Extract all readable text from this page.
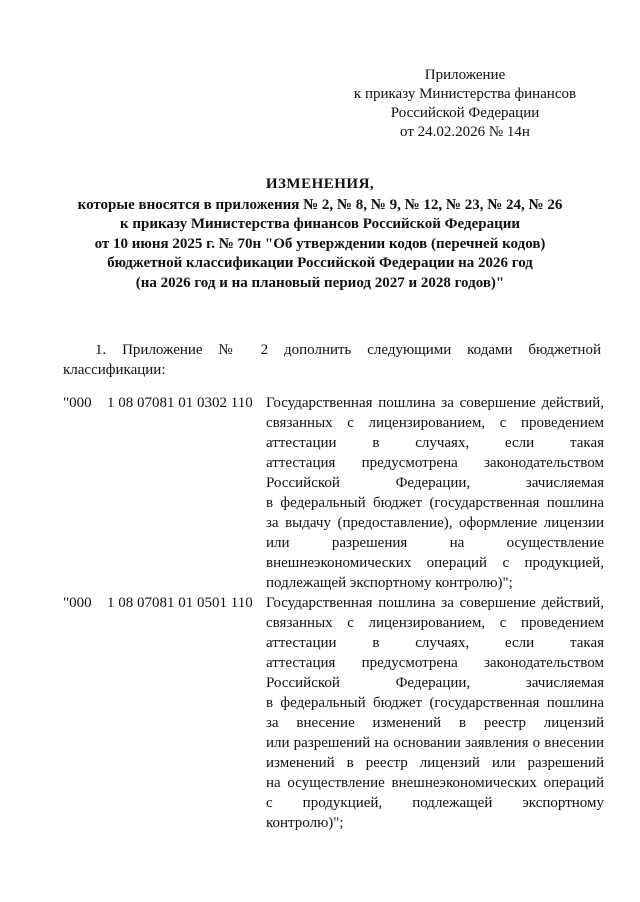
Приложение
к приказу Министерства финансов
Российской Федерации
от 24.02.2026 № 14н
ИЗМЕНЕНИЯ,
которые вносятся в приложения № 2, № 8, № 9, № 12, № 23, № 24, № 26
к приказу Министерства финансов Российской Федерации
от 10 июня 2025 г. № 70н "Об утверждении кодов (перечней кодов)
бюджетной классификации Российской Федерации на 2026 год
(на 2026 год и на плановый период 2027 и 2028 годов)"
1. Приложение № 2 дополнить следующими кодами бюджетной классификации:
"000 1 08 07081 01 0302 110 Государственная пошлина за совершение действий,
связанных с лицензированием, с проведением
аттестации в случаях, если такая
аттестация предусмотрена законодательством
Российской Федерации, зачисляемая
в федеральный бюджет (государственная пошлина
за выдачу (предоставление), оформление лицензии
или разрешения на осуществление
внешнеэкономических операций с продукцией,
подлежащей экспортному контролю)";
"000 1 08 07081 01 0501 110 Государственная пошлина за совершение действий,
связанных с лицензированием, с проведением
аттестации в случаях, если такая
аттестация предусмотрена законодательством
Российской Федерации, зачисляемая
в федеральный бюджет (государственная пошлина
за внесение изменений в реестр лицензий
или разрешений на основании заявления о внесении
изменений в реестр лицензий или разрешений
на осуществление внешнеэкономических операций
с продукцией, подлежащей экспортному
контролю)";
